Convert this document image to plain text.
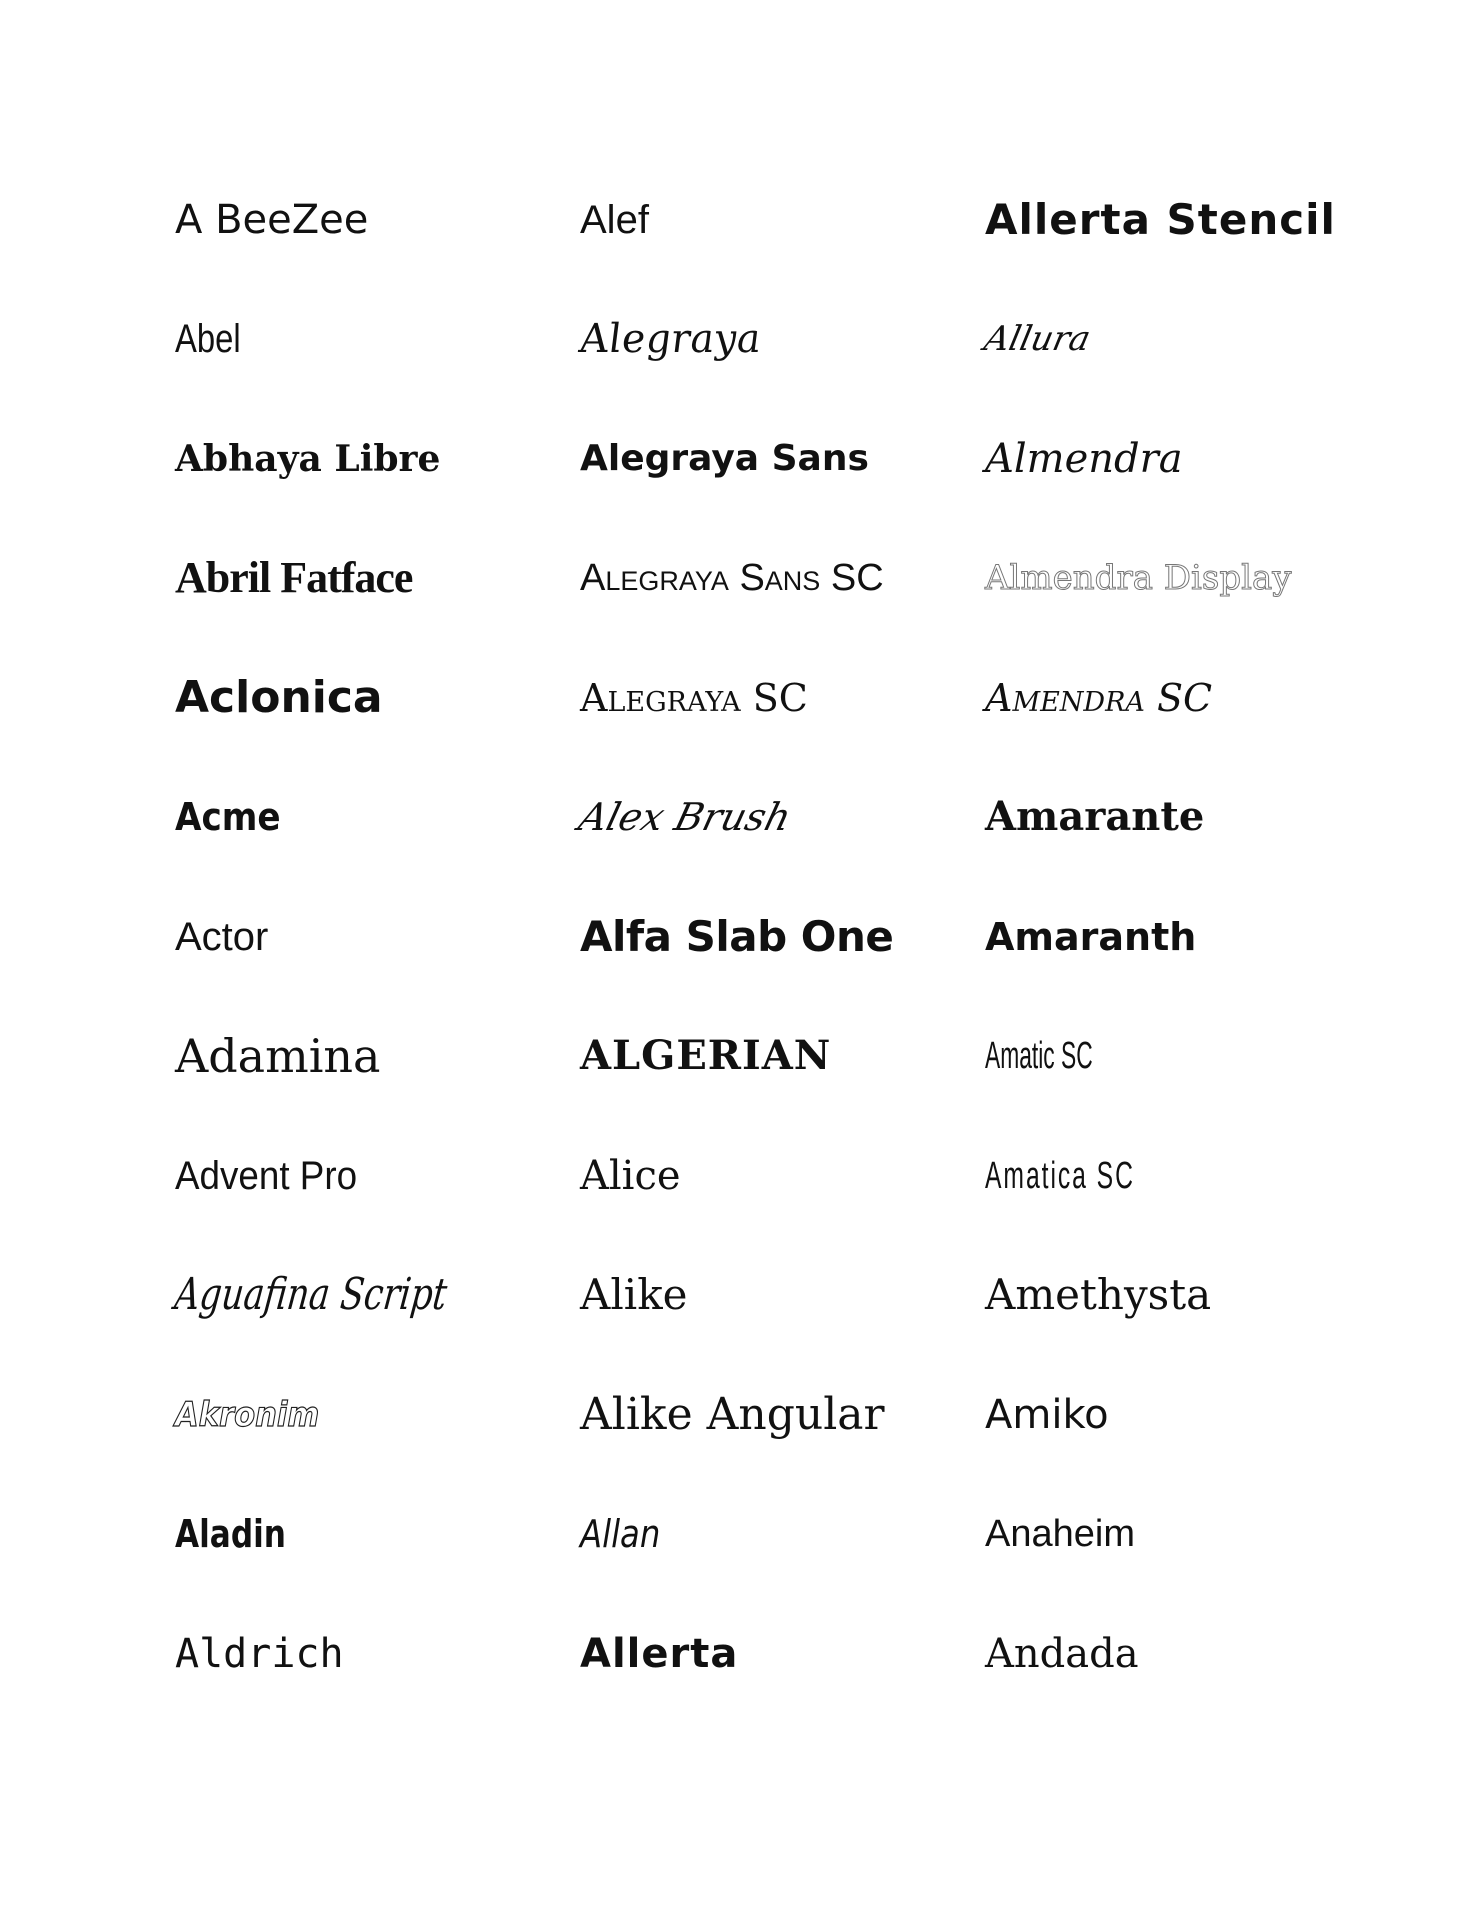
A BeeZee
Abel
Abhaya Libre
Abril Fatface
Aclonica
Acme
Actor
Adamina
Advent Pro
Aguafina Script
Akronim
Aladin
Aldrich
Alef
Alegraya
Alegraya Sans
Alegraya Sans SC
Alegraya SC
Alex Brush
Alfa Slab One
ALGERIAN
Alice
Alike
Alike Angular
Allan
Allerta
Allerta Stencil
Allura
Almendra
Almendra Display
Amendra SC
Amarante
Amaranth
Amatic SC
Amatica SC
Amethysta
Amiko
Anaheim
Andada
